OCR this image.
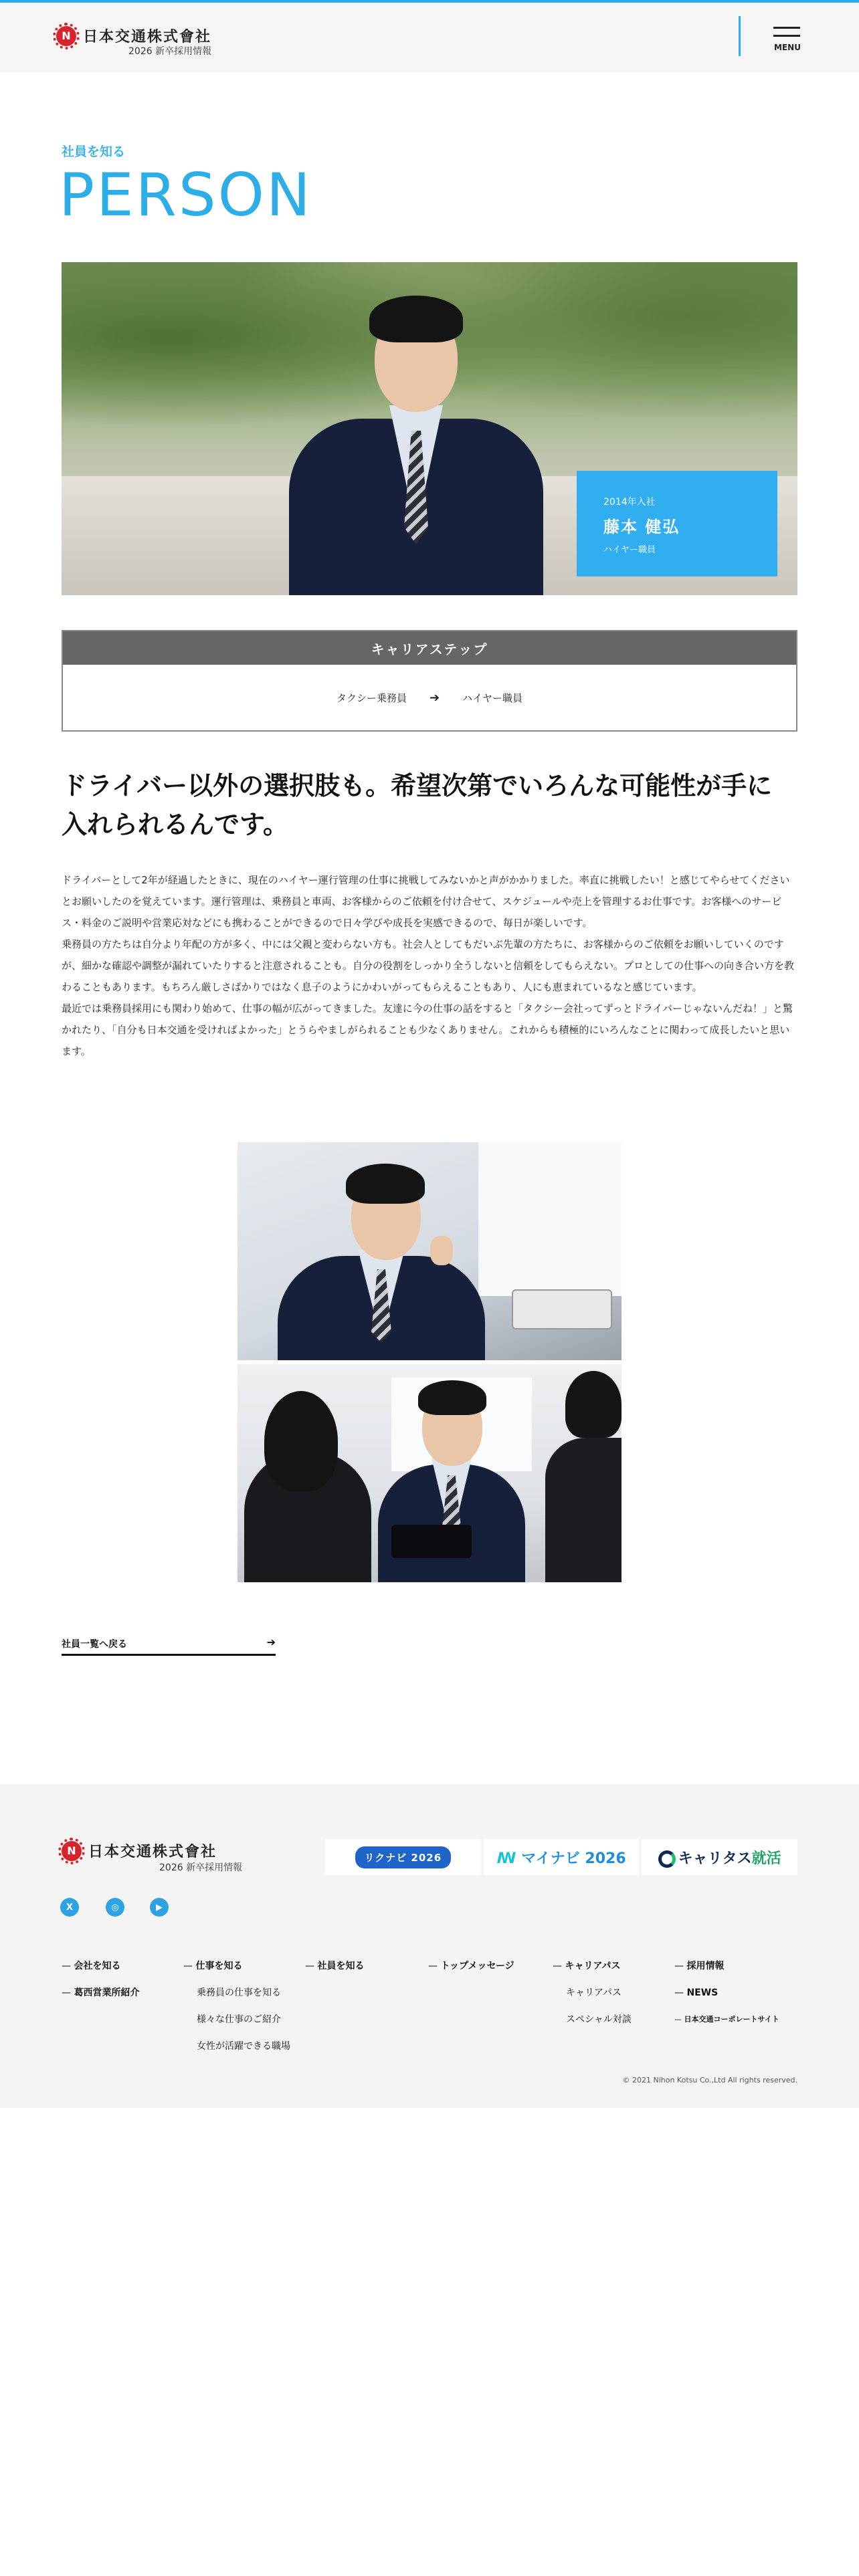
N 日本交通株式會社
2026 新卒採用情報	MENU
社員を知る
PERSON
2014年入社
藤本 健弘
ハイヤー職員
キャリアステップ
タクシー乗務員 ➔ ハイヤー職員
ドライバー以外の選択肢も。希望次第でいろんな可能性が手に入れられるんです。

ドライバーとして2年が経過したときに、現在のハイヤー運行管理の仕事に挑戦してみないかと声がかかりました。率直に挑戦したい！と感じてやらせてくださいとお願いしたのを覚えています。運行管理は、乗務員と車両、お客様からのご依頼を付け合せて、スケジュールや売上を管理するお仕事です。お客様へのサービス・料金のご説明や営業応対などにも携わることができるので日々学びや成長を実感できるので、毎日が楽しいです。

乗務員の方たちは自分より年配の方が多く、中には父親と変わらない方も。社会人としてもだいぶ先輩の方たちに、お客様からのご依頼をお願いしていくのですが、細かな確認や調整が漏れていたりすると注意されることも。自分の役割をしっかり全うしないと信頼をしてもらえない。プロとしての仕事への向き合い方を教わることもあります。もちろん厳しさばかりではなく息子のようにかわいがってもらえることもあり、人にも恵まれているなと感じています。

最近では乗務員採用にも関わり始めて、仕事の幅が広がってきました。友達に今の仕事の話をすると「タクシー会社ってずっとドライバーじゃないんだね！」と驚かれたり、「自分も日本交通を受ければよかった」とうらやましがられることも少なくありません。これからも積極的にいろんなことに関わって成長したいと思います。

社員一覧へ戻る	➔
N 日本交通株式會社
2026 新卒採用情報
リクナビ 2026	ꟿ マイナビ 2026	キャリタス就活
X	◎	▶
— 会社を知る
— 葛西営業所紹介
— 仕事を知る
乗務員の仕事を知る
様々な仕事のご紹介
女性が活躍できる職場
— 社員を知る	— トップメッセージ	— キャリアパス
キャリアパス
スペシャル対談
— 採用情報
— NEWS
— 日本交通コーポレートサイト
© 2021 Nihon Kotsu Co.,Ltd All rights reserved.
